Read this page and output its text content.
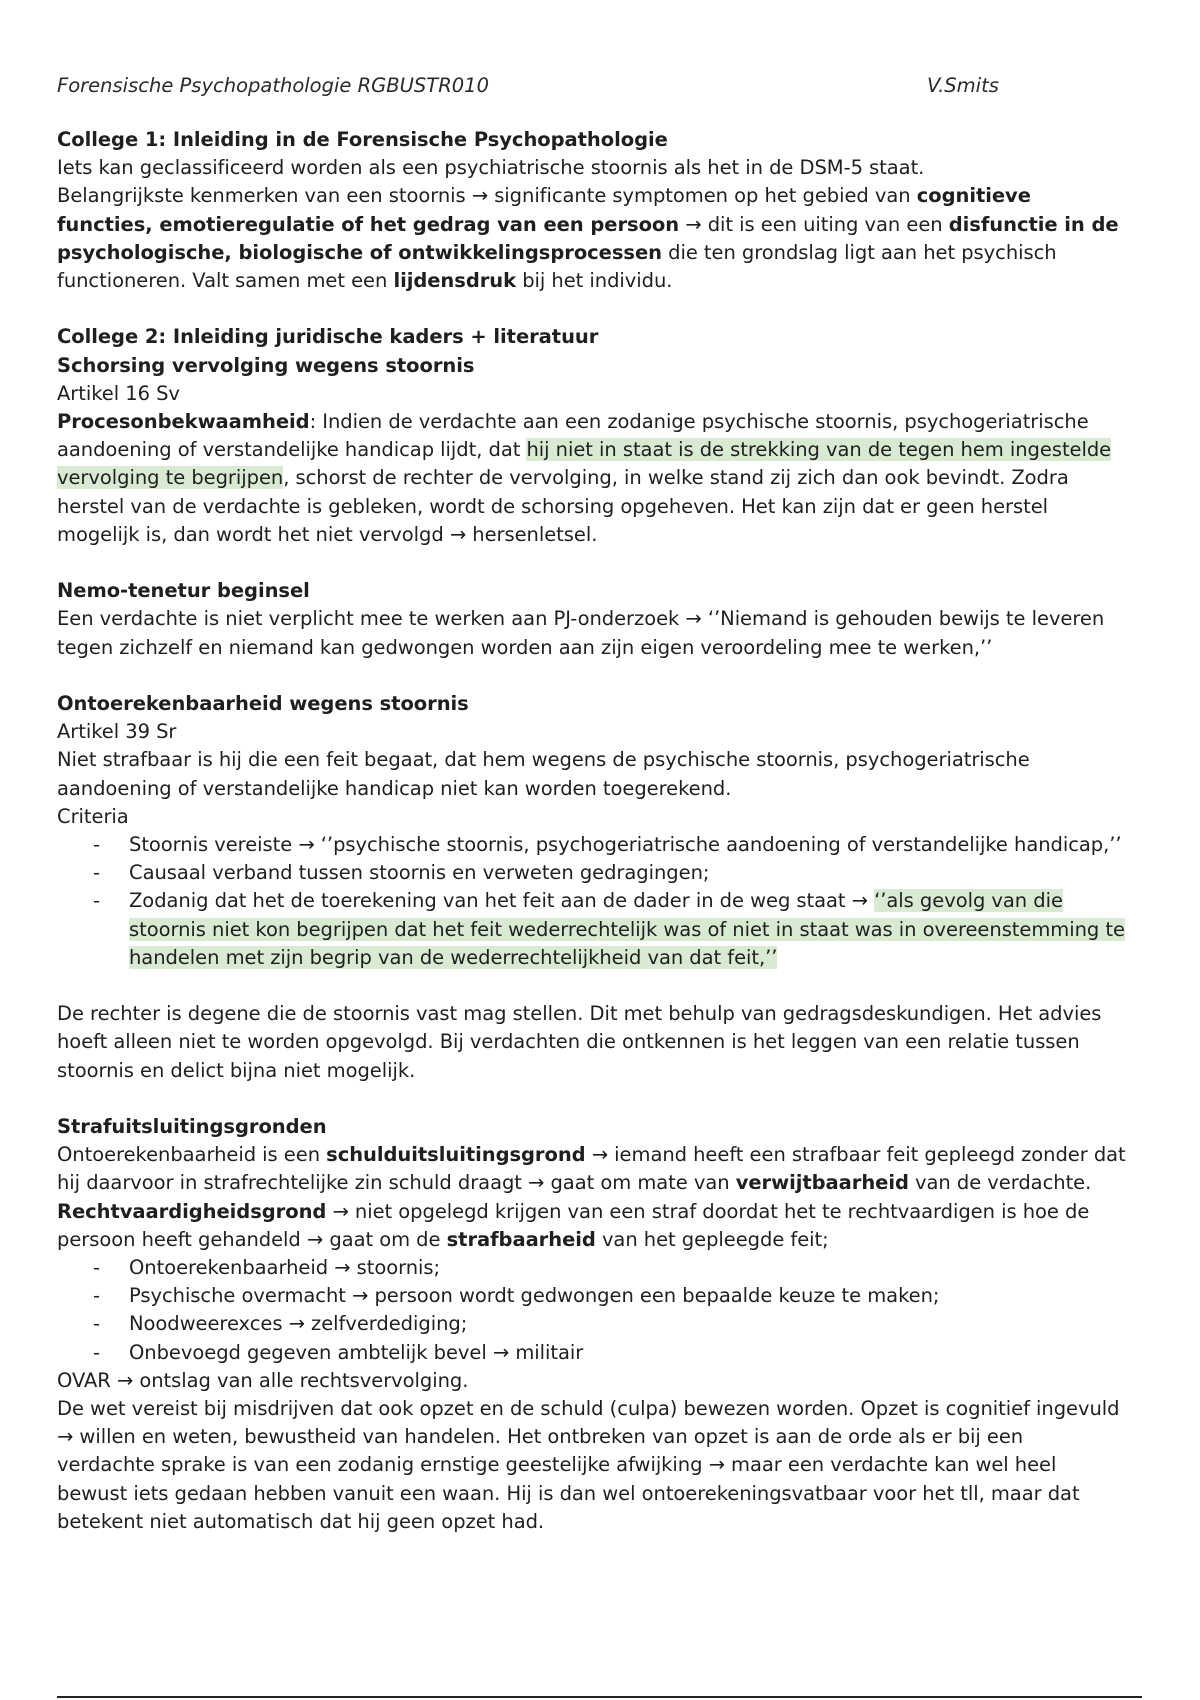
Forensische Psychopathologie RGBUSTR010	V.Smits
College 1: Inleiding in de Forensische Psychopathologie
Iets kan geclassificeerd worden als een psychiatrische stoornis als het in de DSM-5 staat.
Belangrijkste kenmerken van een stoornis → significante symptomen op het gebied van cognitieve
functies, emotieregulatie of het gedrag van een persoon → dit is een uiting van een disfunctie in de
psychologische, biologische of ontwikkelingsprocessen die ten grondslag ligt aan het psychisch
functioneren. Valt samen met een lijdensdruk bij het individu.
College 2: Inleiding juridische kaders + literatuur
Schorsing vervolging wegens stoornis
Artikel 16 Sv
Procesonbekwaamheid: Indien de verdachte aan een zodanige psychische stoornis, psychogeriatrische
aandoening of verstandelijke handicap lijdt, dat hij niet in staat is de strekking van de tegen hem ingestelde
vervolging te begrijpen, schorst de rechter de vervolging, in welke stand zij zich dan ook bevindt. Zodra
herstel van de verdachte is gebleken, wordt de schorsing opgeheven. Het kan zijn dat er geen herstel
mogelijk is, dan wordt het niet vervolgd → hersenletsel.
Nemo-tenetur beginsel
Een verdachte is niet verplicht mee te werken aan PJ-onderzoek → ‘’Niemand is gehouden bewijs te leveren
tegen zichzelf en niemand kan gedwongen worden aan zijn eigen veroordeling mee te werken,’’
Ontoerekenbaarheid wegens stoornis
Artikel 39 Sr
Niet strafbaar is hij die een feit begaat, dat hem wegens de psychische stoornis, psychogeriatrische
aandoening of verstandelijke handicap niet kan worden toegerekend.
Criteria
- Stoornis vereiste → ‘’psychische stoornis, psychogeriatrische aandoening of verstandelijke handicap,’’
- Causaal verband tussen stoornis en verweten gedragingen;
- Zodanig dat het de toerekening van het feit aan de dader in de weg staat → ‘’als gevolg van die
stoornis niet kon begrijpen dat het feit wederrechtelijk was of niet in staat was in overeenstemming te
handelen met zijn begrip van de wederrechtelijkheid van dat feit,’’
De rechter is degene die de stoornis vast mag stellen. Dit met behulp van gedragsdeskundigen. Het advies
hoeft alleen niet te worden opgevolgd. Bij verdachten die ontkennen is het leggen van een relatie tussen
stoornis en delict bijna niet mogelijk.
Strafuitsluitingsgronden
Ontoerekenbaarheid is een schulduitsluitingsgrond → iemand heeft een strafbaar feit gepleegd zonder dat
hij daarvoor in strafrechtelijke zin schuld draagt → gaat om mate van verwijtbaarheid van de verdachte.
Rechtvaardigheidsgrond → niet opgelegd krijgen van een straf doordat het te rechtvaardigen is hoe de
persoon heeft gehandeld → gaat om de strafbaarheid van het gepleegde feit;
- Ontoerekenbaarheid → stoornis;
- Psychische overmacht → persoon wordt gedwongen een bepaalde keuze te maken;
- Noodweerexces → zelfverdediging;
- Onbevoegd gegeven ambtelijk bevel → militair
OVAR → ontslag van alle rechtsvervolging.
De wet vereist bij misdrijven dat ook opzet en de schuld (culpa) bewezen worden. Opzet is cognitief ingevuld
→ willen en weten, bewustheid van handelen. Het ontbreken van opzet is aan de orde als er bij een
verdachte sprake is van een zodanig ernstige geestelijke afwijking → maar een verdachte kan wel heel
bewust iets gedaan hebben vanuit een waan. Hij is dan wel ontoerekeningsvatbaar voor het tll, maar dat
betekent niet automatisch dat hij geen opzet had.
